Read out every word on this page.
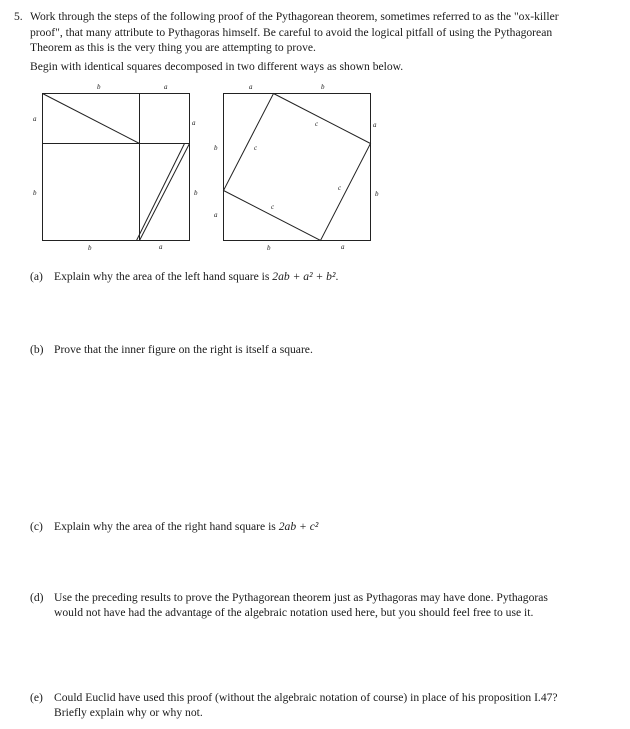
5. Work through the steps of the following proof of the Pythagorean theorem, sometimes referred to as the "ox-killer proof", that many attribute to Pythagoras himself. Be careful to avoid the logical pitfall of using the Pythagorean Theorem as this is the very thing you are attempting to prove.
Begin with identical squares decomposed in two different ways as shown below.
b	a
a
b
a
b
b	a
a	b
b
a
a
b
b	a
c
c
c
c
(a) Explain why the area of the left hand square is 2ab + a² + b².
(b) Prove that the inner figure on the right is itself a square.
(c) Explain why the area of the right hand square is 2ab + c²
(d) Use the preceding results to prove the Pythagorean theorem just as Pythagoras may have done. Pythagoras would not have had the advantage of the algebraic notation used here, but you should feel free to use it.
(e) Could Euclid have used this proof (without the algebraic notation of course) in place of his proposition I.47? Briefly explain why or why not.
